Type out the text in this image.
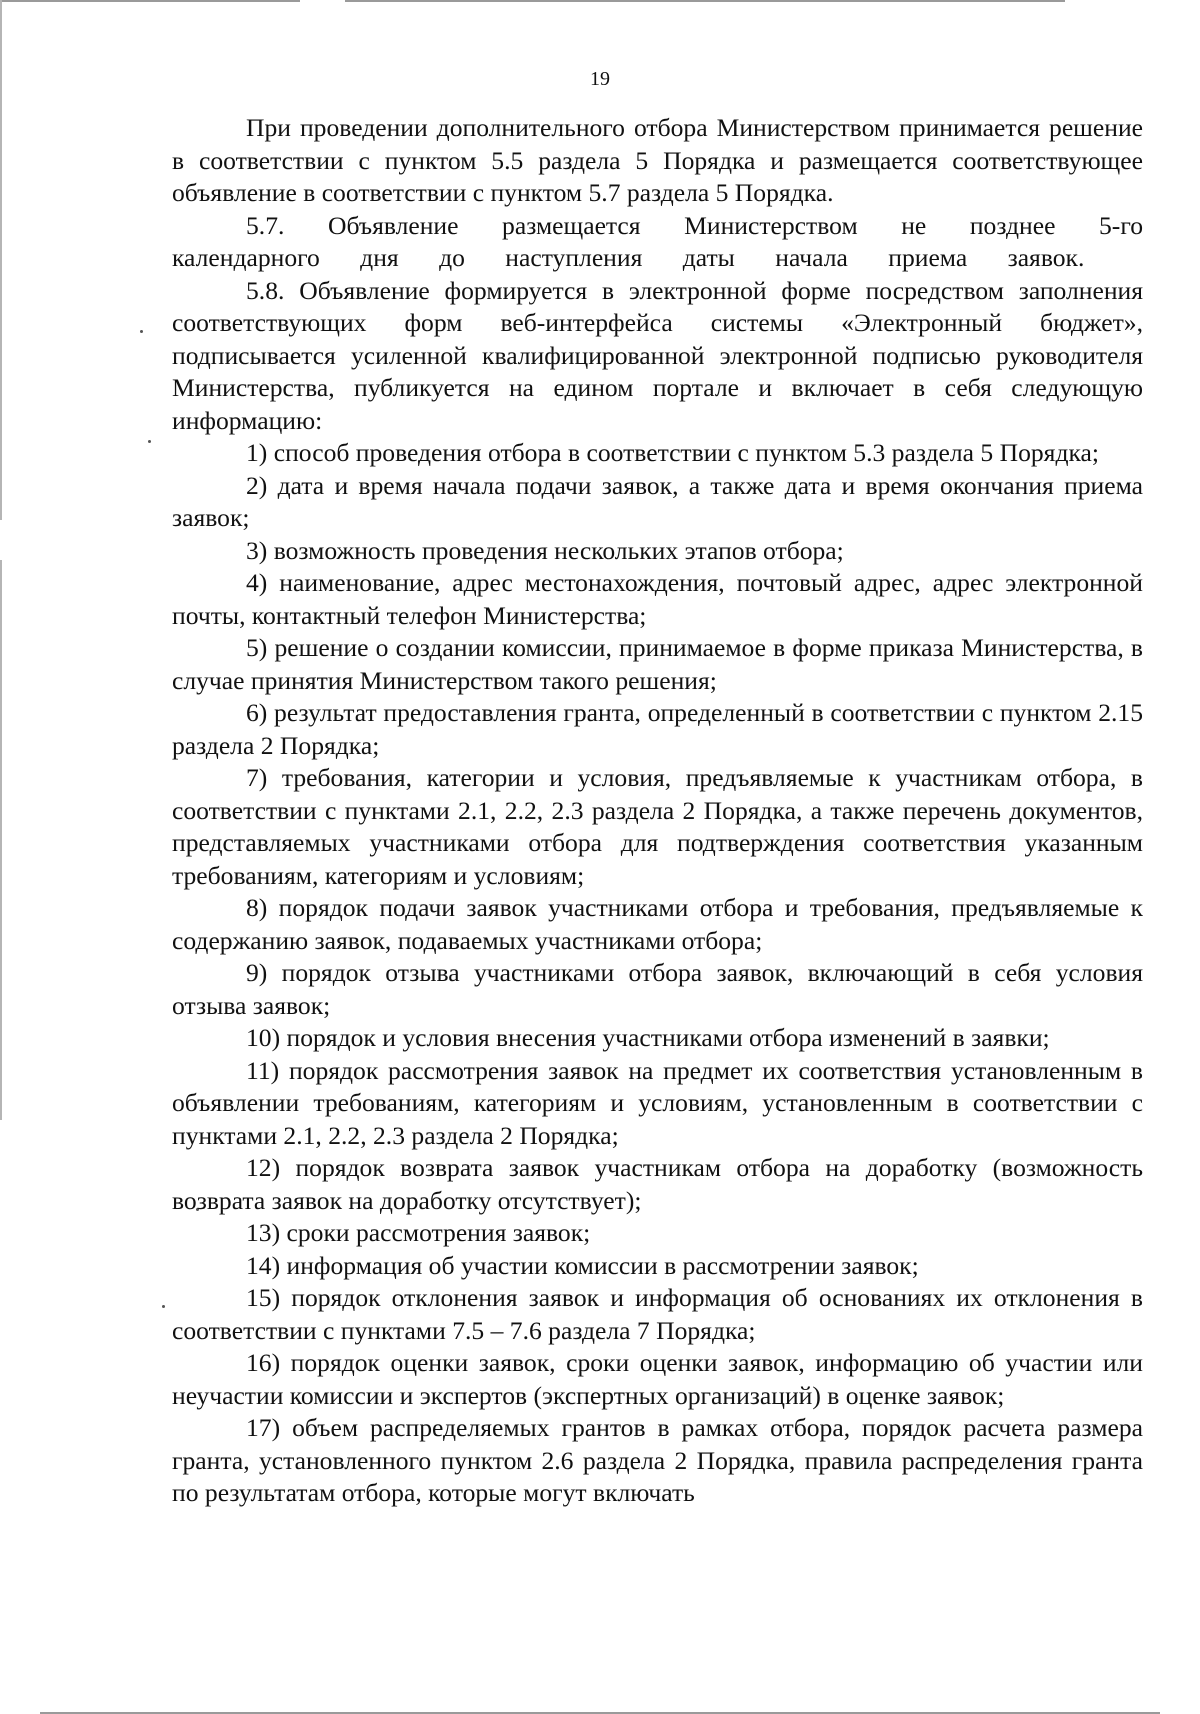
19

При проведении дополнительного отбора Министерством принимается решение в соответствии с пунктом 5.5 раздела 5 Порядка и размещается соответствующее объявление в соответствии с пунктом 5.7 раздела 5 Порядка.

5.7. Объявление размещается Министерством не позднее 5-го календарного дня до наступления даты начала приема заявок.

5.8. Объявление формируется в электронной форме посредством заполнения соответствующих форм веб-интерфейса системы «Электронный бюджет», подписывается усиленной квалифицированной электронной подписью руководителя Министерства, публикуется на едином портале и включает в себя следующую информацию:

1) способ проведения отбора в соответствии с пунктом 5.3 раздела 5 Порядка;

2) дата и время начала подачи заявок, а также дата и время окончания приема заявок;

3) возможность проведения нескольких этапов отбора;

4) наименование, адрес местонахождения, почтовый адрес, адрес электронной почты, контактный телефон Министерства;

5) решение о создании комиссии, принимаемое в форме приказа Министерства, в случае принятия Министерством такого решения;

6) результат предоставления гранта, определенный в соответствии с пунктом 2.15 раздела 2 Порядка;

7) требования, категории и условия, предъявляемые к участникам отбора, в соответствии с пунктами 2.1, 2.2, 2.3 раздела 2 Порядка, а также перечень документов, представляемых участниками отбора для подтверждения соответствия указанным требованиям, категориям и условиям;

8) порядок подачи заявок участниками отбора и требования, предъявляемые к содержанию заявок, подаваемых участниками отбора;

9) порядок отзыва участниками отбора заявок, включающий в себя условия отзыва заявок;

10) порядок и условия внесения участниками отбора изменений в заявки;

11) порядок рассмотрения заявок на предмет их соответствия установленным в объявлении требованиям, категориям и условиям, установленным в соответствии с пунктами 2.1, 2.2, 2.3 раздела 2 Порядка;

12) порядок возврата заявок участникам отбора на доработку (возможность возврата заявок на доработку отсутствует);

13) сроки рассмотрения заявок;

14) информация об участии комиссии в рассмотрении заявок;

15) порядок отклонения заявок и информация об основаниях их отклонения в соответствии с пунктами 7.5 – 7.6 раздела 7 Порядка;

16) порядок оценки заявок, сроки оценки заявок, информацию об участии или неучастии комиссии и экспертов (экспертных организаций) в оценке заявок;

17) объем распределяемых грантов в рамках отбора, порядок расчета размера гранта, установленного пунктом 2.6 раздела 2 Порядка, правила распределения гранта по результатам отбора, которые могут включать
